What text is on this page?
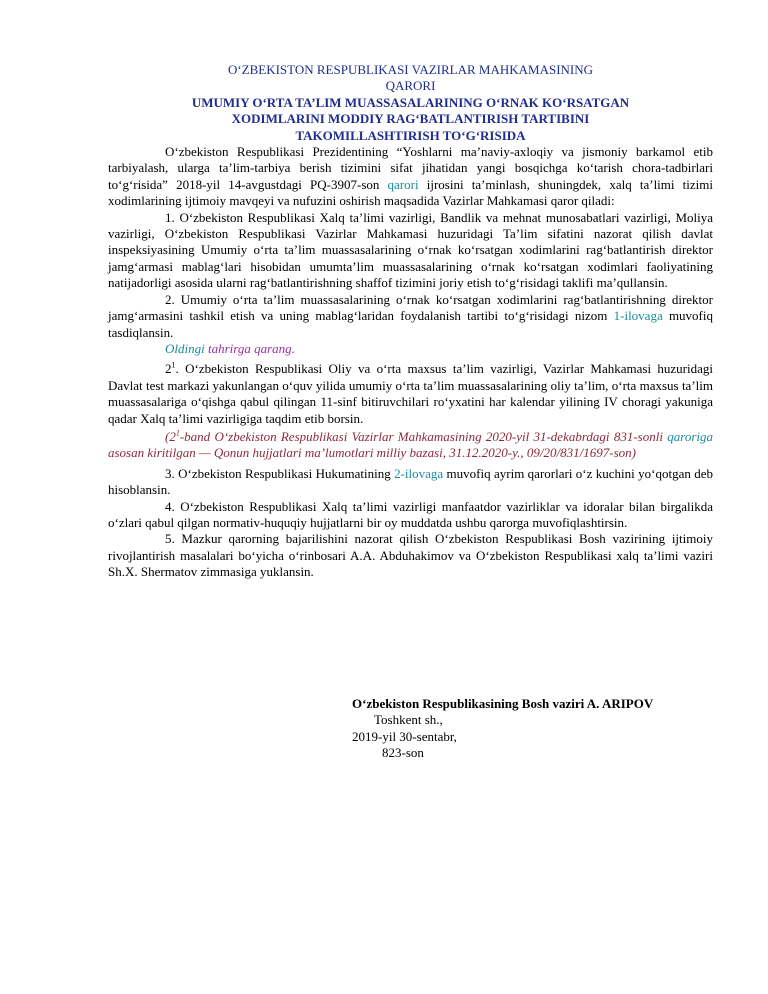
O‘ZBEKISTON RESPUBLIKASI VAZIRLAR MAHKAMASINING
QARORI
UMUMIY O‘RTA TA’LIM MUASSASALARINING O‘RNAK KO‘RSATGAN
XODIMLARINI MODDIY RAG‘BATLANTIRISH TARTIBINI
TAKOMILLASHTIRISH TO‘G‘RISIDA

O‘zbekiston Respublikasi Prezidentining “Yoshlarni ma’naviy-axloqiy va jismoniy barkamol etib tarbiyalash, ularga ta’lim-tarbiya berish tizimini sifat jihatidan yangi bosqichga ko‘tarish chora-tadbirlari to‘g‘risida” 2018-yil 14-avgustdagi PQ-3907-son qarori ijrosini ta’minlash, shuningdek, xalq ta’limi tizimi xodimlarining ijtimoiy mavqeyi va nufuzini oshirish maqsadida Vazirlar Mahkamasi qaror qiladi:

1. O‘zbekiston Respublikasi Xalq ta’limi vazirligi, Bandlik va mehnat munosabatlari vazirligi, Moliya vazirligi, O‘zbekiston Respublikasi Vazirlar Mahkamasi huzuridagi Ta’lim sifatini nazorat qilish davlat inspeksiyasining Umumiy o‘rta ta’lim muassasalarining o‘rnak ko‘rsatgan xodimlarini rag‘batlantirish direktor jamg‘armasi mablag‘lari hisobidan umumta’lim muassasalarining o‘rnak ko‘rsatgan xodimlari faoliyatining natijadorligi asosida ularni rag‘batlantirishning shaffof tizimini joriy etish to‘g‘risidagi taklifi ma’qullansin.

2. Umumiy o‘rta ta’lim muassasalarining o‘rnak ko‘rsatgan xodimlarini rag‘batlantirishning direktor jamg‘armasini tashkil etish va uning mablag‘laridan foydalanish tartibi to‘g‘risidagi nizom 1-ilovaga muvofiq tasdiqlansin.

Oldingi tahrirga qarang.

$2^1$. O‘zbekiston Respublikasi Oliy va o‘rta maxsus ta’lim vazirligi, Vazirlar Mahkamasi huzuridagi Davlat test markazi yakunlangan o‘quv yilida umumiy o‘rta ta’lim muassasalarining oliy ta’lim, o‘rta maxsus ta’lim muassasalariga o‘qishga qabul qilingan 11-sinf bitiruvchilari ro‘yxatini har kalendar yilining IV choragi yakuniga qadar Xalq ta’limi vazirligiga taqdim etib borsin.

($2^1$-band O‘zbekiston Respublikasi Vazirlar Mahkamasining 2020-yil 31-dekabrdagi 831-sonli qaroriga asosan kiritilgan — Qonun hujjatlari ma’lumotlari milliy bazasi, 31.12.2020-y., 09/20/831/1697-son)

3. O‘zbekiston Respublikasi Hukumatining 2-ilovaga muvofiq ayrim qarorlari o‘z kuchini yo‘qotgan deb hisoblansin.

4. O‘zbekiston Respublikasi Xalq ta’limi vazirligi manfaatdor vazirliklar va idoralar bilan birgalikda o‘zlari qabul qilgan normativ-huquqiy hujjatlarni bir oy muddatda ushbu qarorga muvofiqlashtirsin.

5. Mazkur qarorning bajarilishini nazorat qilish O‘zbekiston Respublikasi Bosh vazirining ijtimoiy rivojlantirish masalalari bo‘yicha o‘rinbosari A.A. Abduhakimov va O‘zbekiston Respublikasi xalq ta’limi vaziri Sh.X. Shermatov zimmasiga yuklansin.

O‘zbekiston Respublikasining Bosh vaziri A. ARIPOV
Toshkent sh.,
2019-yil 30-sentabr,
823-son
